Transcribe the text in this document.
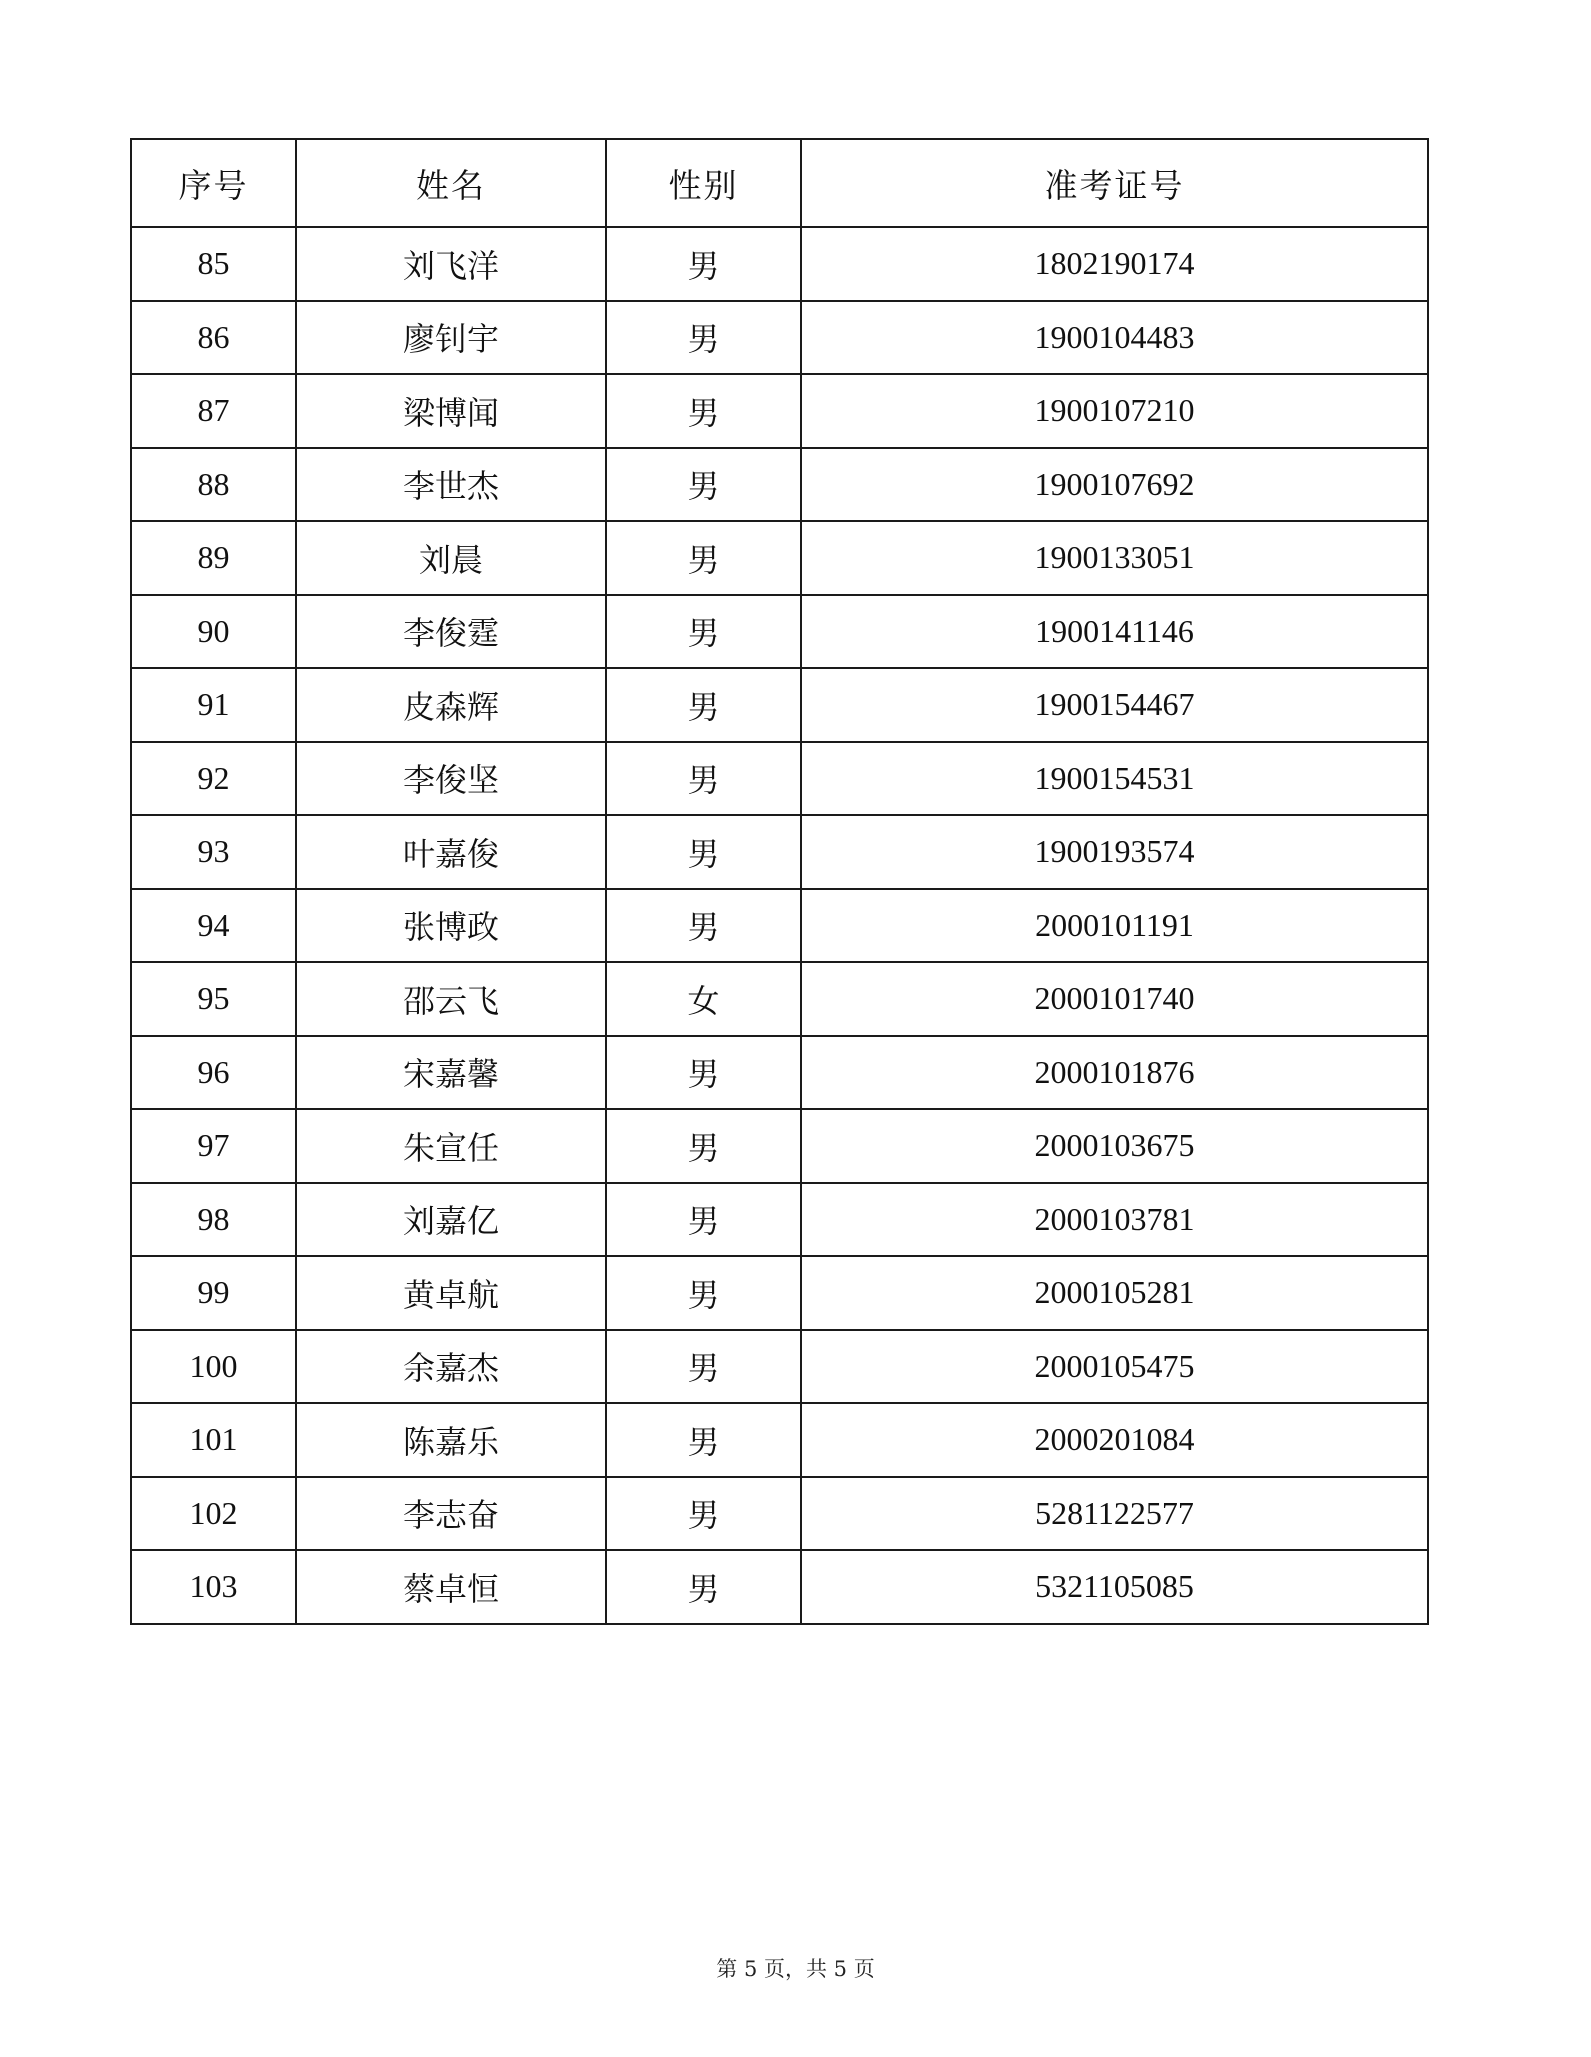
序号	姓名	性别	准考证号
85	刘飞洋	男	1802190174
86	廖钊宇	男	1900104483
87	梁博闻	男	1900107210
88	李世杰	男	1900107692
89	刘晨	男	1900133051
90	李俊霆	男	1900141146
91	皮森辉	男	1900154467
92	李俊坚	男	1900154531
93	叶嘉俊	男	1900193574
94	张博政	男	2000101191
95	邵云飞	女	2000101740
96	宋嘉馨	男	2000101876
97	朱宣任	男	2000103675
98	刘嘉亿	男	2000103781
99	黄卓航	男	2000105281
100	余嘉杰	男	2000105475
101	陈嘉乐	男	2000201084
102	李志奋	男	5281122577
103	蔡卓恒	男	5321105085
第 5 页，共 5 页
